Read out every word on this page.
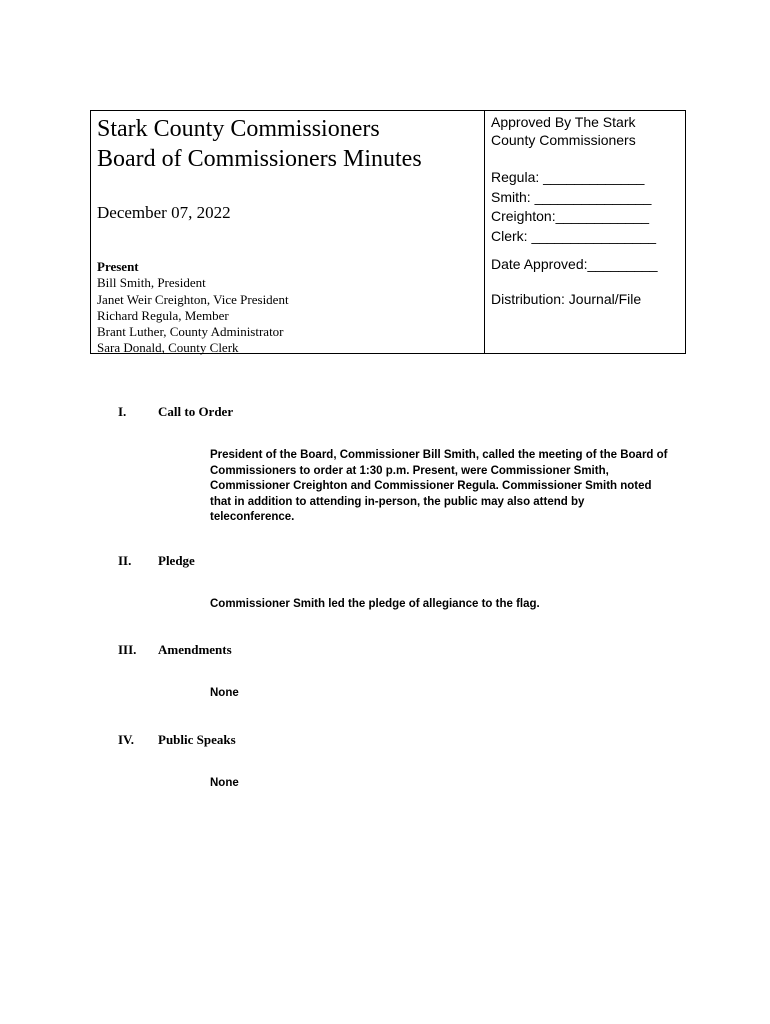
Stark County Commissioners
Board of Commissioners Minutes
December 07, 2022
Present
Bill Smith, President
Janet Weir Creighton, Vice President
Richard Regula, Member
Brant Luther, County Administrator
Sara Donald, County Clerk
Approved By The Stark
County Commissioners
Regula: _____________
Smith: _______________
Creighton:____________
Clerk: ________________
Date Approved:_________
Distribution: Journal/File
I. Call to Order
President of the Board, Commissioner Bill Smith, called the meeting of the Board of Commissioners to order at 1:30 p.m. Present, were Commissioner Smith, Commissioner Creighton and Commissioner Regula. Commissioner Smith noted that in addition to attending in-person, the public may also attend by teleconference.
II. Pledge
Commissioner Smith led the pledge of allegiance to the flag.
III. Amendments
None
IV. Public Speaks
None
